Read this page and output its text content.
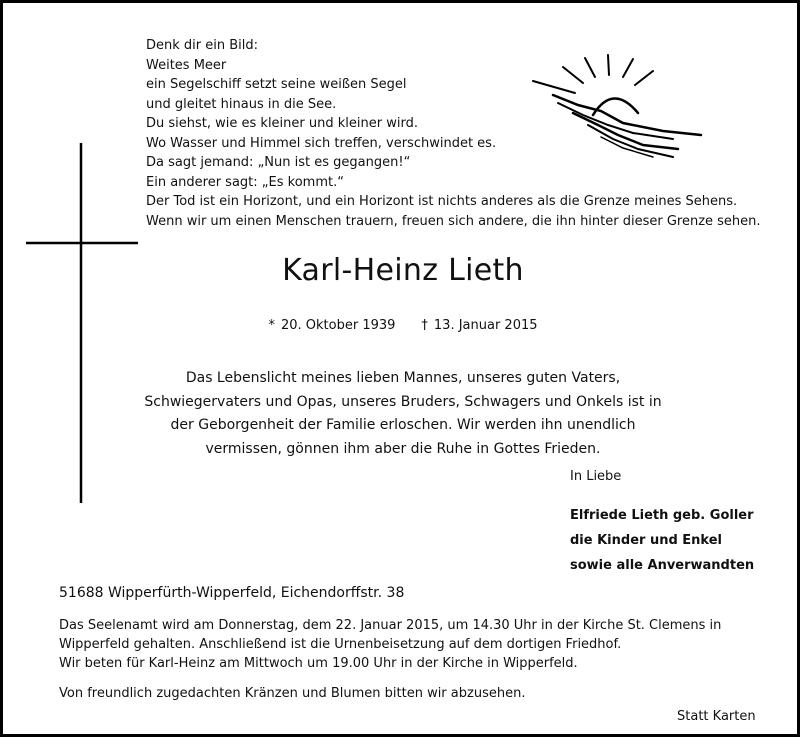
Denk dir ein Bild:
Weites Meer
ein Segelschiff setzt seine weißen Segel
und gleitet hinaus in die See.
Du siehst, wie es kleiner und kleiner wird.
Wo Wasser und Himmel sich treffen, verschwindet es.
Da sagt jemand: „Nun ist es gegangen!“
Ein anderer sagt: „Es kommt.“
Der Tod ist ein Horizont, und ein Horizont ist nichts anderes als die Grenze meines Sehens.
Wenn wir um einen Menschen trauern, freuen sich andere, die ihn hinter dieser Grenze sehen.
Karl-Heinz Lieth
* 20. Oktober 1939 † 13. Januar 2015
Das Lebenslicht meines lieben Mannes, unseres guten Vaters,
Schwiegervaters und Opas, unseres Bruders, Schwagers und Onkels ist in
der Geborgenheit der Familie erloschen. Wir werden ihn unendlich
vermissen, gönnen ihm aber die Ruhe in Gottes Frieden.
In Liebe
Elfriede Lieth geb. Goller
die Kinder und Enkel
sowie alle Anverwandten
51688 Wipperfürth-Wipperfeld, Eichendorffstr. 38
Das Seelenamt wird am Donnerstag, dem 22. Januar 2015, um 14.30 Uhr in der Kirche St. Clemens in
Wipperfeld gehalten. Anschließend ist die Urnenbeisetzung auf dem dortigen Friedhof.
Wir beten für Karl-Heinz am Mittwoch um 19.00 Uhr in der Kirche in Wipperfeld.
Von freundlich zugedachten Kränzen und Blumen bitten wir abzusehen.
Statt Karten
